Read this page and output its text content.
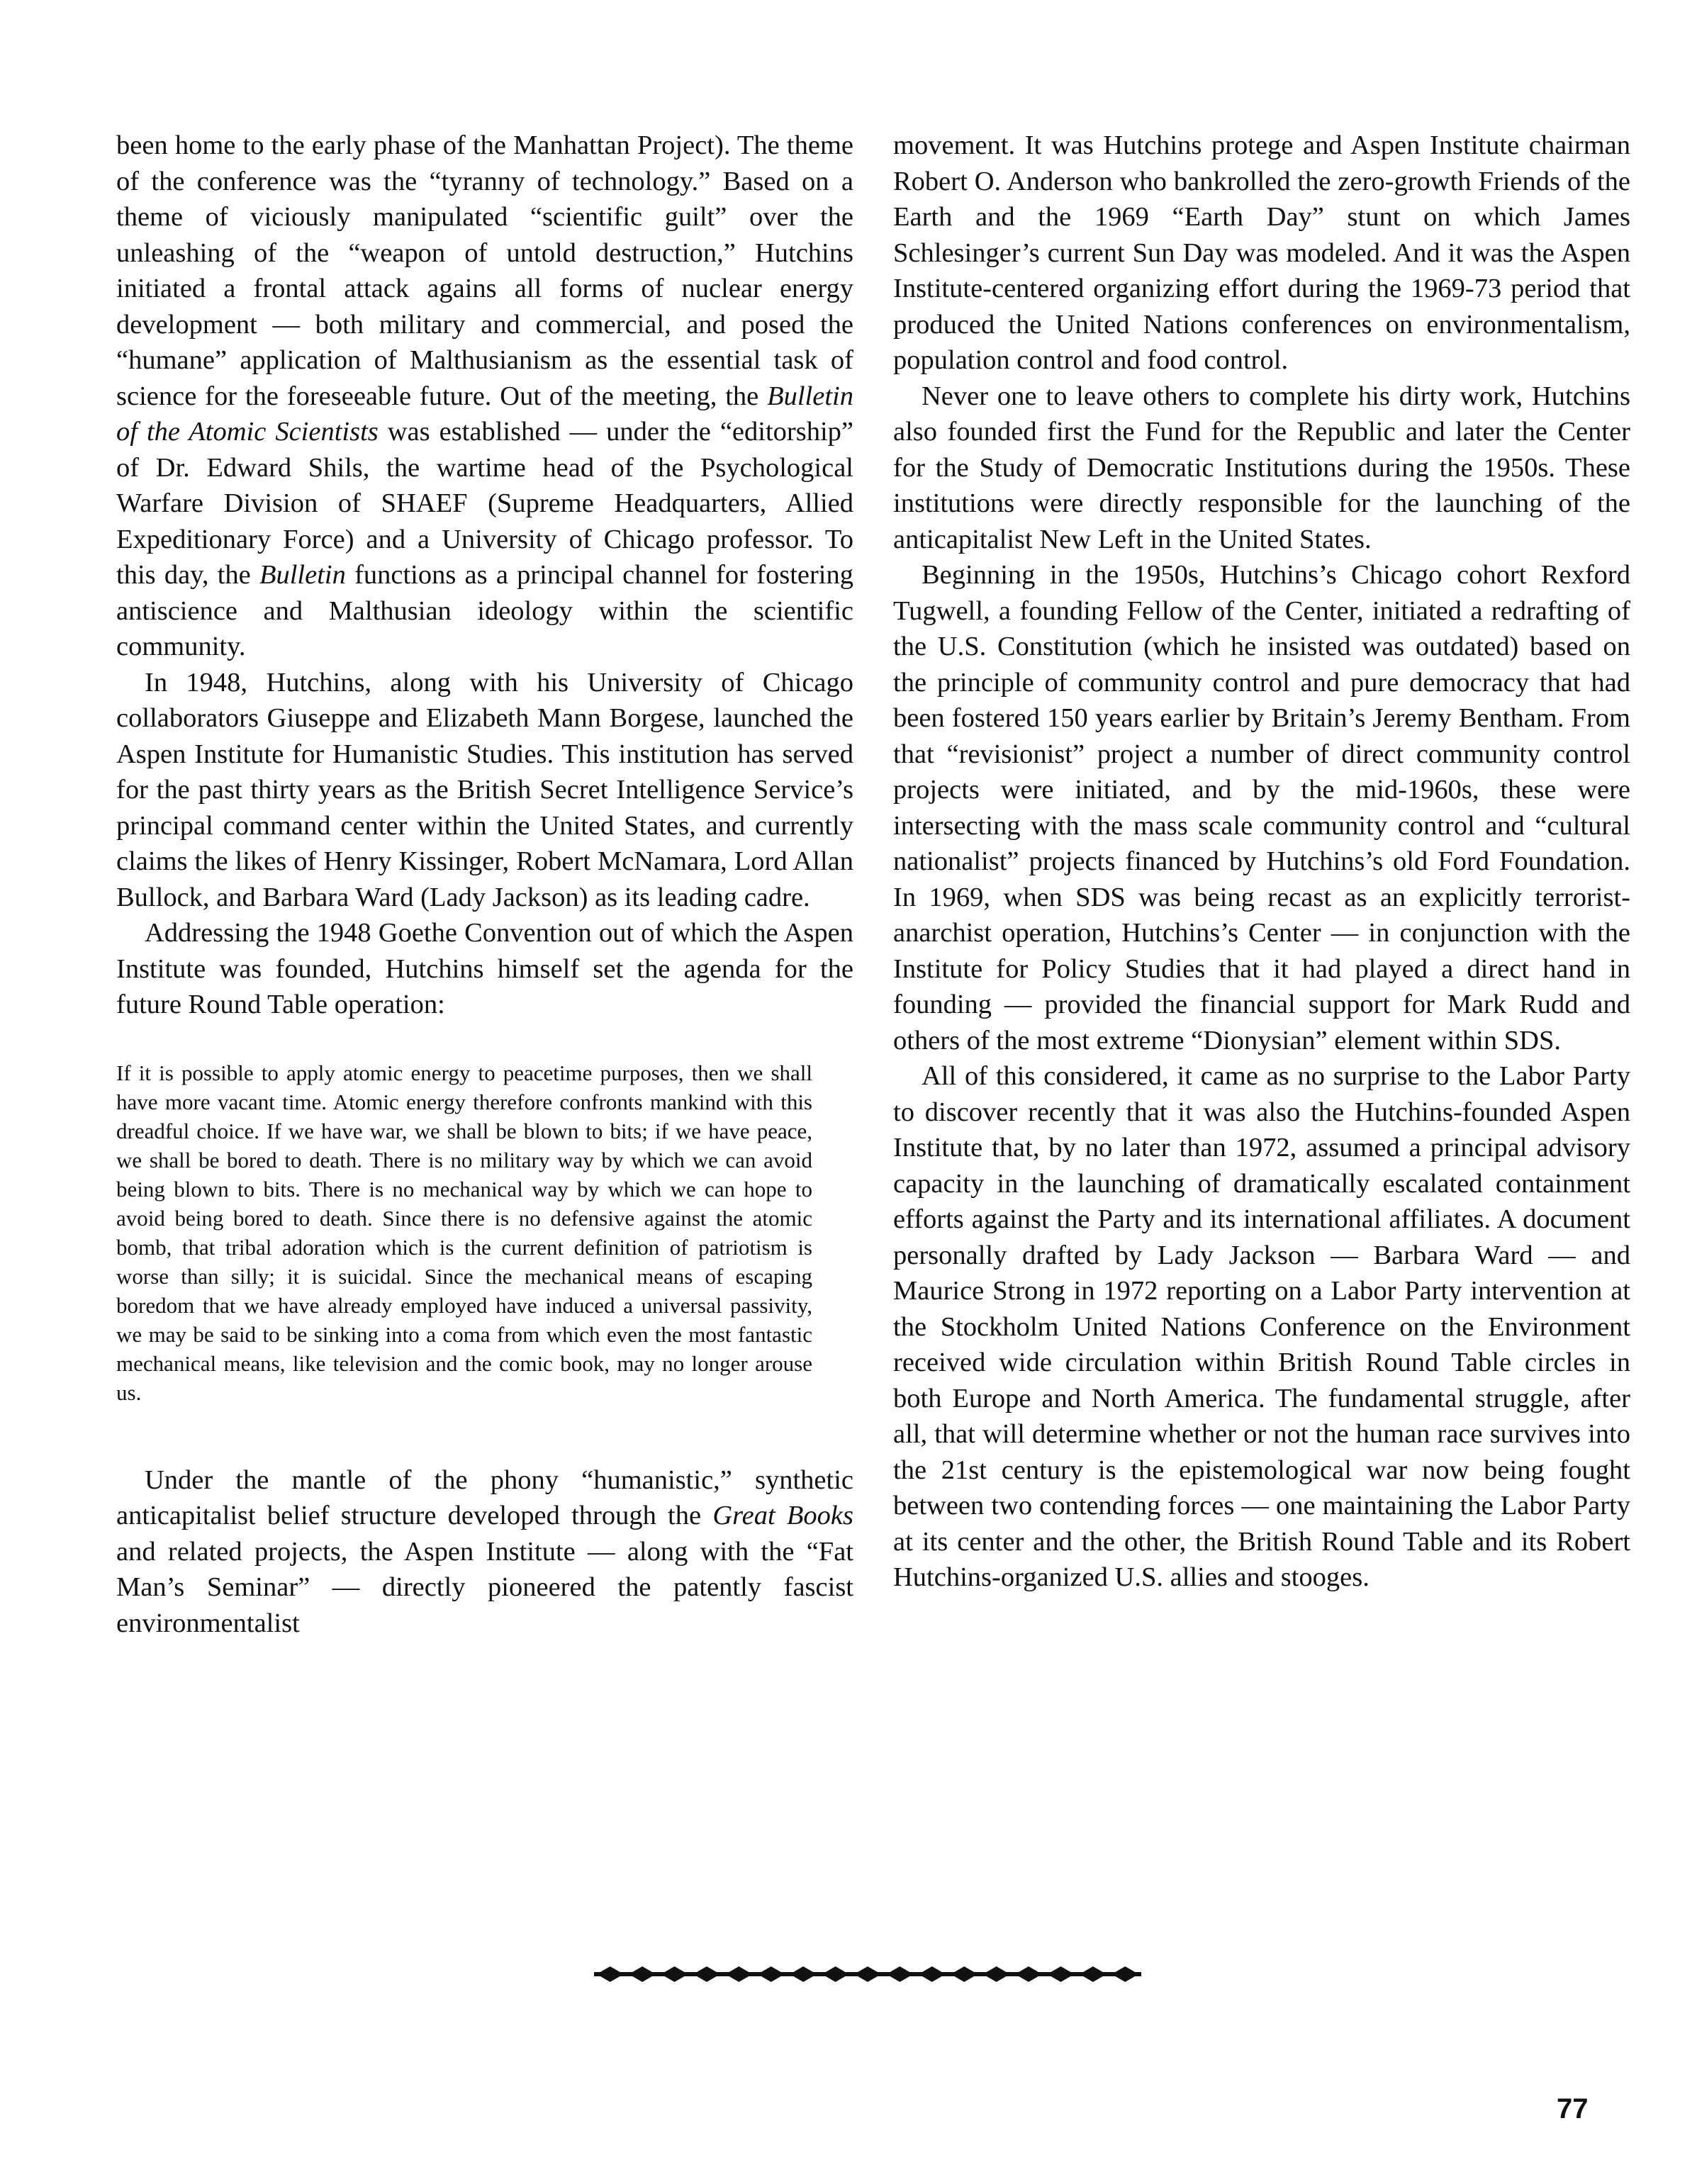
been home to the early phase of the Manhattan Project). The theme of the conference was the “tyranny of technology.” Based on a theme of viciously manipulated “scientific guilt” over the unleashing of the “weapon of untold destruction,” Hutchins initiated a frontal attack agains all forms of nuclear energy development — both military and commercial, and posed the “humane” application of Malthusianism as the essential task of science for the foreseeable future. Out of the meeting, the Bulletin of the Atomic Scientists was established — under the “editorship” of Dr. Edward Shils, the wartime head of the Psychological Warfare Division of SHAEF (Supreme Headquarters, Allied Expeditionary Force) and a University of Chicago professor. To this day, the Bulletin functions as a principal channel for fostering antiscience and Malthusian ideology within the scientific community.

In 1948, Hutchins, along with his University of Chicago collaborators Giuseppe and Elizabeth Mann Borgese, launched the Aspen Institute for Humanistic Studies. This institution has served for the past thirty years as the British Secret Intelligence Service’s principal command center within the United States, and currently claims the likes of Henry Kissinger, Robert McNamara, Lord Allan Bullock, and Barbara Ward (Lady Jackson) as its leading cadre.

Addressing the 1948 Goethe Convention out of which the Aspen Institute was founded, Hutchins himself set the agenda for the future Round Table operation:

If it is possible to apply atomic energy to peacetime purposes, then we shall have more vacant time. Atomic energy therefore confronts mankind with this dreadful choice. If we have war, we shall be blown to bits; if we have peace, we shall be bored to death. There is no military way by which we can avoid being blown to bits. There is no mechanical way by which we can hope to avoid being bored to death. Since there is no defensive against the atomic bomb, that tribal adoration which is the current definition of patriotism is worse than silly; it is suicidal. Since the mechanical means of escaping boredom that we have already employed have induced a universal passivity, we may be said to be sinking into a coma from which even the most fantastic mechanical means, like television and the comic book, may no longer arouse us.

Under the mantle of the phony “humanistic,” synthetic anticapitalist belief structure developed through the Great Books and related projects, the Aspen Institute — along with the “Fat Man’s Seminar” — directly pioneered the patently fascist environmentalist

movement. It was Hutchins protege and Aspen Institute chairman Robert O. Anderson who bankrolled the zero-growth Friends of the Earth and the 1969 “Earth Day” stunt on which James Schlesinger’s current Sun Day was modeled. And it was the Aspen Institute-centered organizing effort during the 1969-73 period that produced the United Nations conferences on environmentalism, population control and food control.

Never one to leave others to complete his dirty work, Hutchins also founded first the Fund for the Republic and later the Center for the Study of Democratic Institutions during the 1950s. These institutions were directly responsible for the launching of the anticapitalist New Left in the United States.

Beginning in the 1950s, Hutchins’s Chicago cohort Rexford Tugwell, a founding Fellow of the Center, initiated a redrafting of the U.S. Constitution (which he insisted was outdated) based on the principle of community control and pure democracy that had been fostered 150 years earlier by Britain’s Jeremy Bentham. From that “revisionist” project a number of direct community control projects were initiated, and by the mid-1960s, these were intersecting with the mass scale community control and “cultural nationalist” projects financed by Hutchins’s old Ford Foundation. In 1969, when SDS was being recast as an explicitly terrorist-anarchist operation, Hutchins’s Center — in conjunction with the Institute for Policy Studies that it had played a direct hand in founding — provided the financial support for Mark Rudd and others of the most extreme “Dionysian” element within SDS.

All of this considered, it came as no surprise to the Labor Party to discover recently that it was also the Hutchins-founded Aspen Institute that, by no later than 1972, assumed a principal advisory capacity in the launching of dramatically escalated containment efforts against the Party and its international affiliates. A document personally drafted by Lady Jackson — Barbara Ward — and Maurice Strong in 1972 reporting on a Labor Party intervention at the Stockholm United Nations Conference on the Environment received wide circulation within British Round Table circles in both Europe and North America. The fundamental struggle, after all, that will determine whether or not the human race survives into the 21st century is the epistemological war now being fought between two contending forces — one maintaining the Labor Party at its center and the other, the British Round Table and its Robert Hutchins-organized U.S. allies and stooges.

77
